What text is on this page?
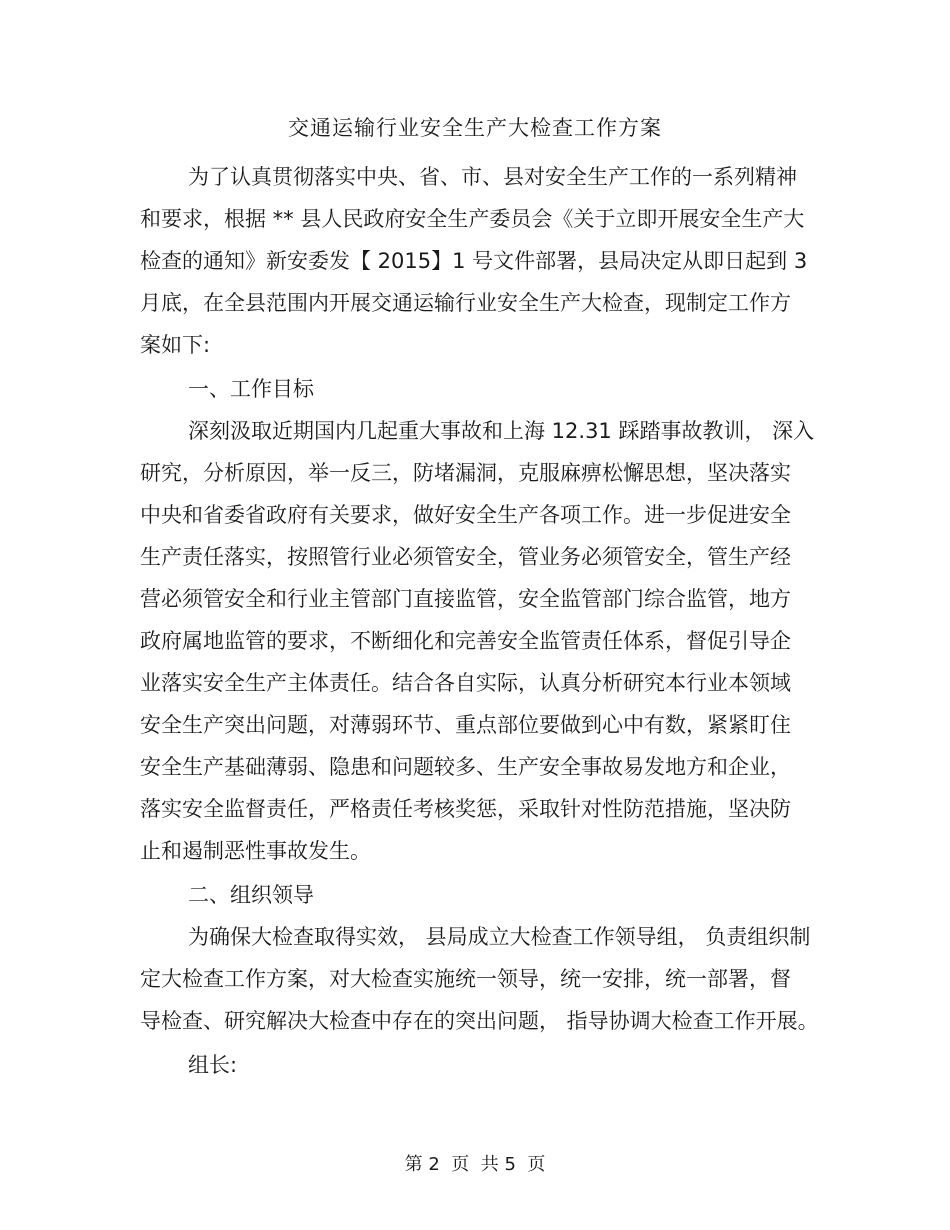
交通运输行业安全生产大检查工作方案
为了认真贯彻落实中央、省、市、县对安全生产工作的一系列精神
和要求，根据 ** 县人民政府安全生产委员会《关于立即开展安全生产大
检查的通知》新安委发【 2015】1 号文件部署，县局决定从即日起到 3
月底，在全县范围内开展交通运输行业安全生产大检查，现制定工作方
案如下:
一、工作目标
深刻汲取近期国内几起重大事故和上海 12.31 踩踏事故教训， 深入
研究，分析原因，举一反三，防堵漏洞，克服麻痹松懈思想，坚决落实
中央和省委省政府有关要求，做好安全生产各项工作。进一步促进安全
生产责任落实，按照管行业必须管安全，管业务必须管安全，管生产经
营必须管安全和行业主管部门直接监管，安全监管部门综合监管，地方
政府属地监管的要求，不断细化和完善安全监管责任体系，督促引导企
业落实安全生产主体责任。结合各自实际，认真分析研究本行业本领域
安全生产突出问题，对薄弱环节、重点部位要做到心中有数，紧紧盯住
安全生产基础薄弱、隐患和问题较多、生产安全事故易发地方和企业，
落实安全监督责任，严格责任考核奖惩，采取针对性防范措施，坚决防
止和遏制恶性事故发生。
二、组织领导
为确保大检查取得实效， 县局成立大检查工作领导组， 负责组织制
定大检查工作方案，对大检查实施统一领导，统一安排，统一部署，督
导检查、研究解决大检查中存在的突出问题， 指导协调大检查工作开展。
组长:
第 2  页  共 5  页
